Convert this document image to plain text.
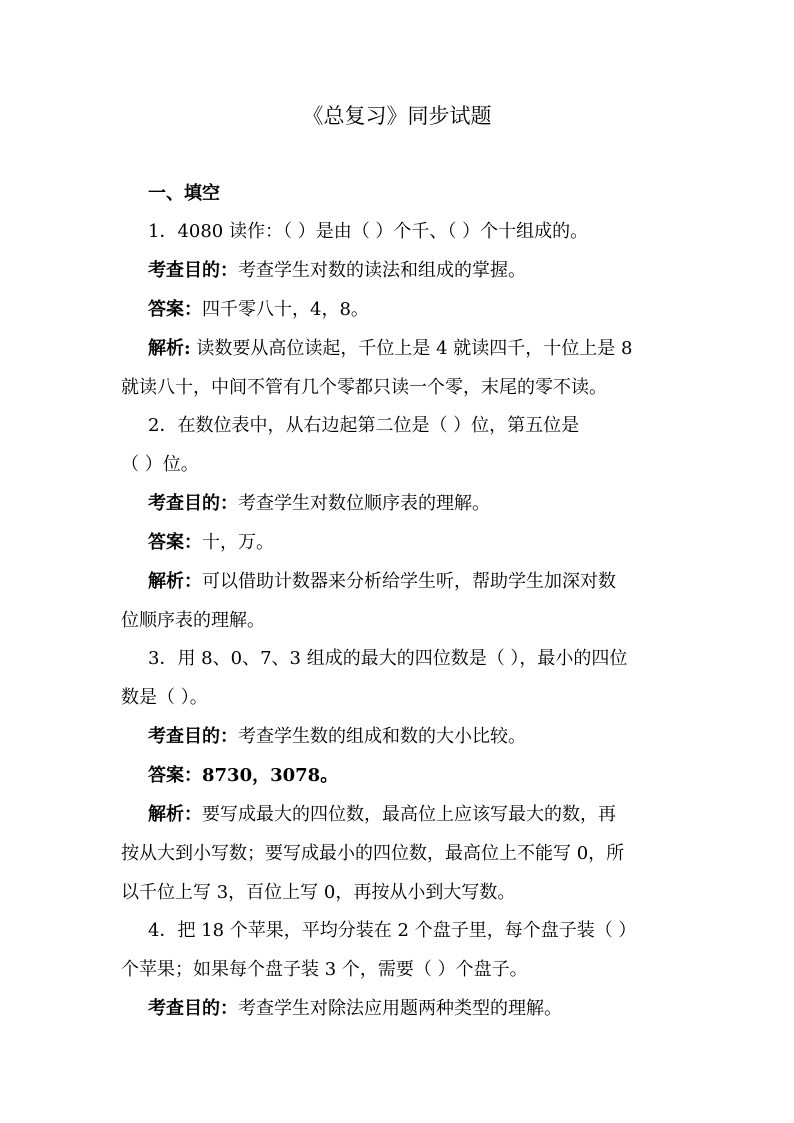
《总复习》同步试题
一、填空
1．4080 读作：（ ）是由（ ）个千、（ ）个十组成的。
考查目的：考查学生对数的读法和组成的掌握。
答案：四千零八十，4，8。
解析: 读数要从高位读起，千位上是 4 就读四千，十位上是 8
就读八十，中间不管有几个零都只读一个零，末尾的零不读。
2．在数位表中，从右边起第二位是（ ）位，第五位是
（ ）位。
考查目的：考查学生对数位顺序表的理解。
答案：十，万。
解析：可以借助计数器来分析给学生听，帮助学生加深对数
位顺序表的理解。
3．用 8、0、7、3 组成的最大的四位数是（ ），最小的四位
数是（ ）。
考查目的：考查学生数的组成和数的大小比较。
答案：8730，3078。
解析：要写成最大的四位数，最高位上应该写最大的数，再
按从大到小写数；要写成最小的四位数，最高位上不能写 0，所
以千位上写 3，百位上写 0，再按从小到大写数。
4．把 18 个苹果，平均分装在 2 个盘子里，每个盘子装（ ）
个苹果；如果每个盘子装 3 个，需要（ ）个盘子。
考查目的：考查学生对除法应用题两种类型的理解。
